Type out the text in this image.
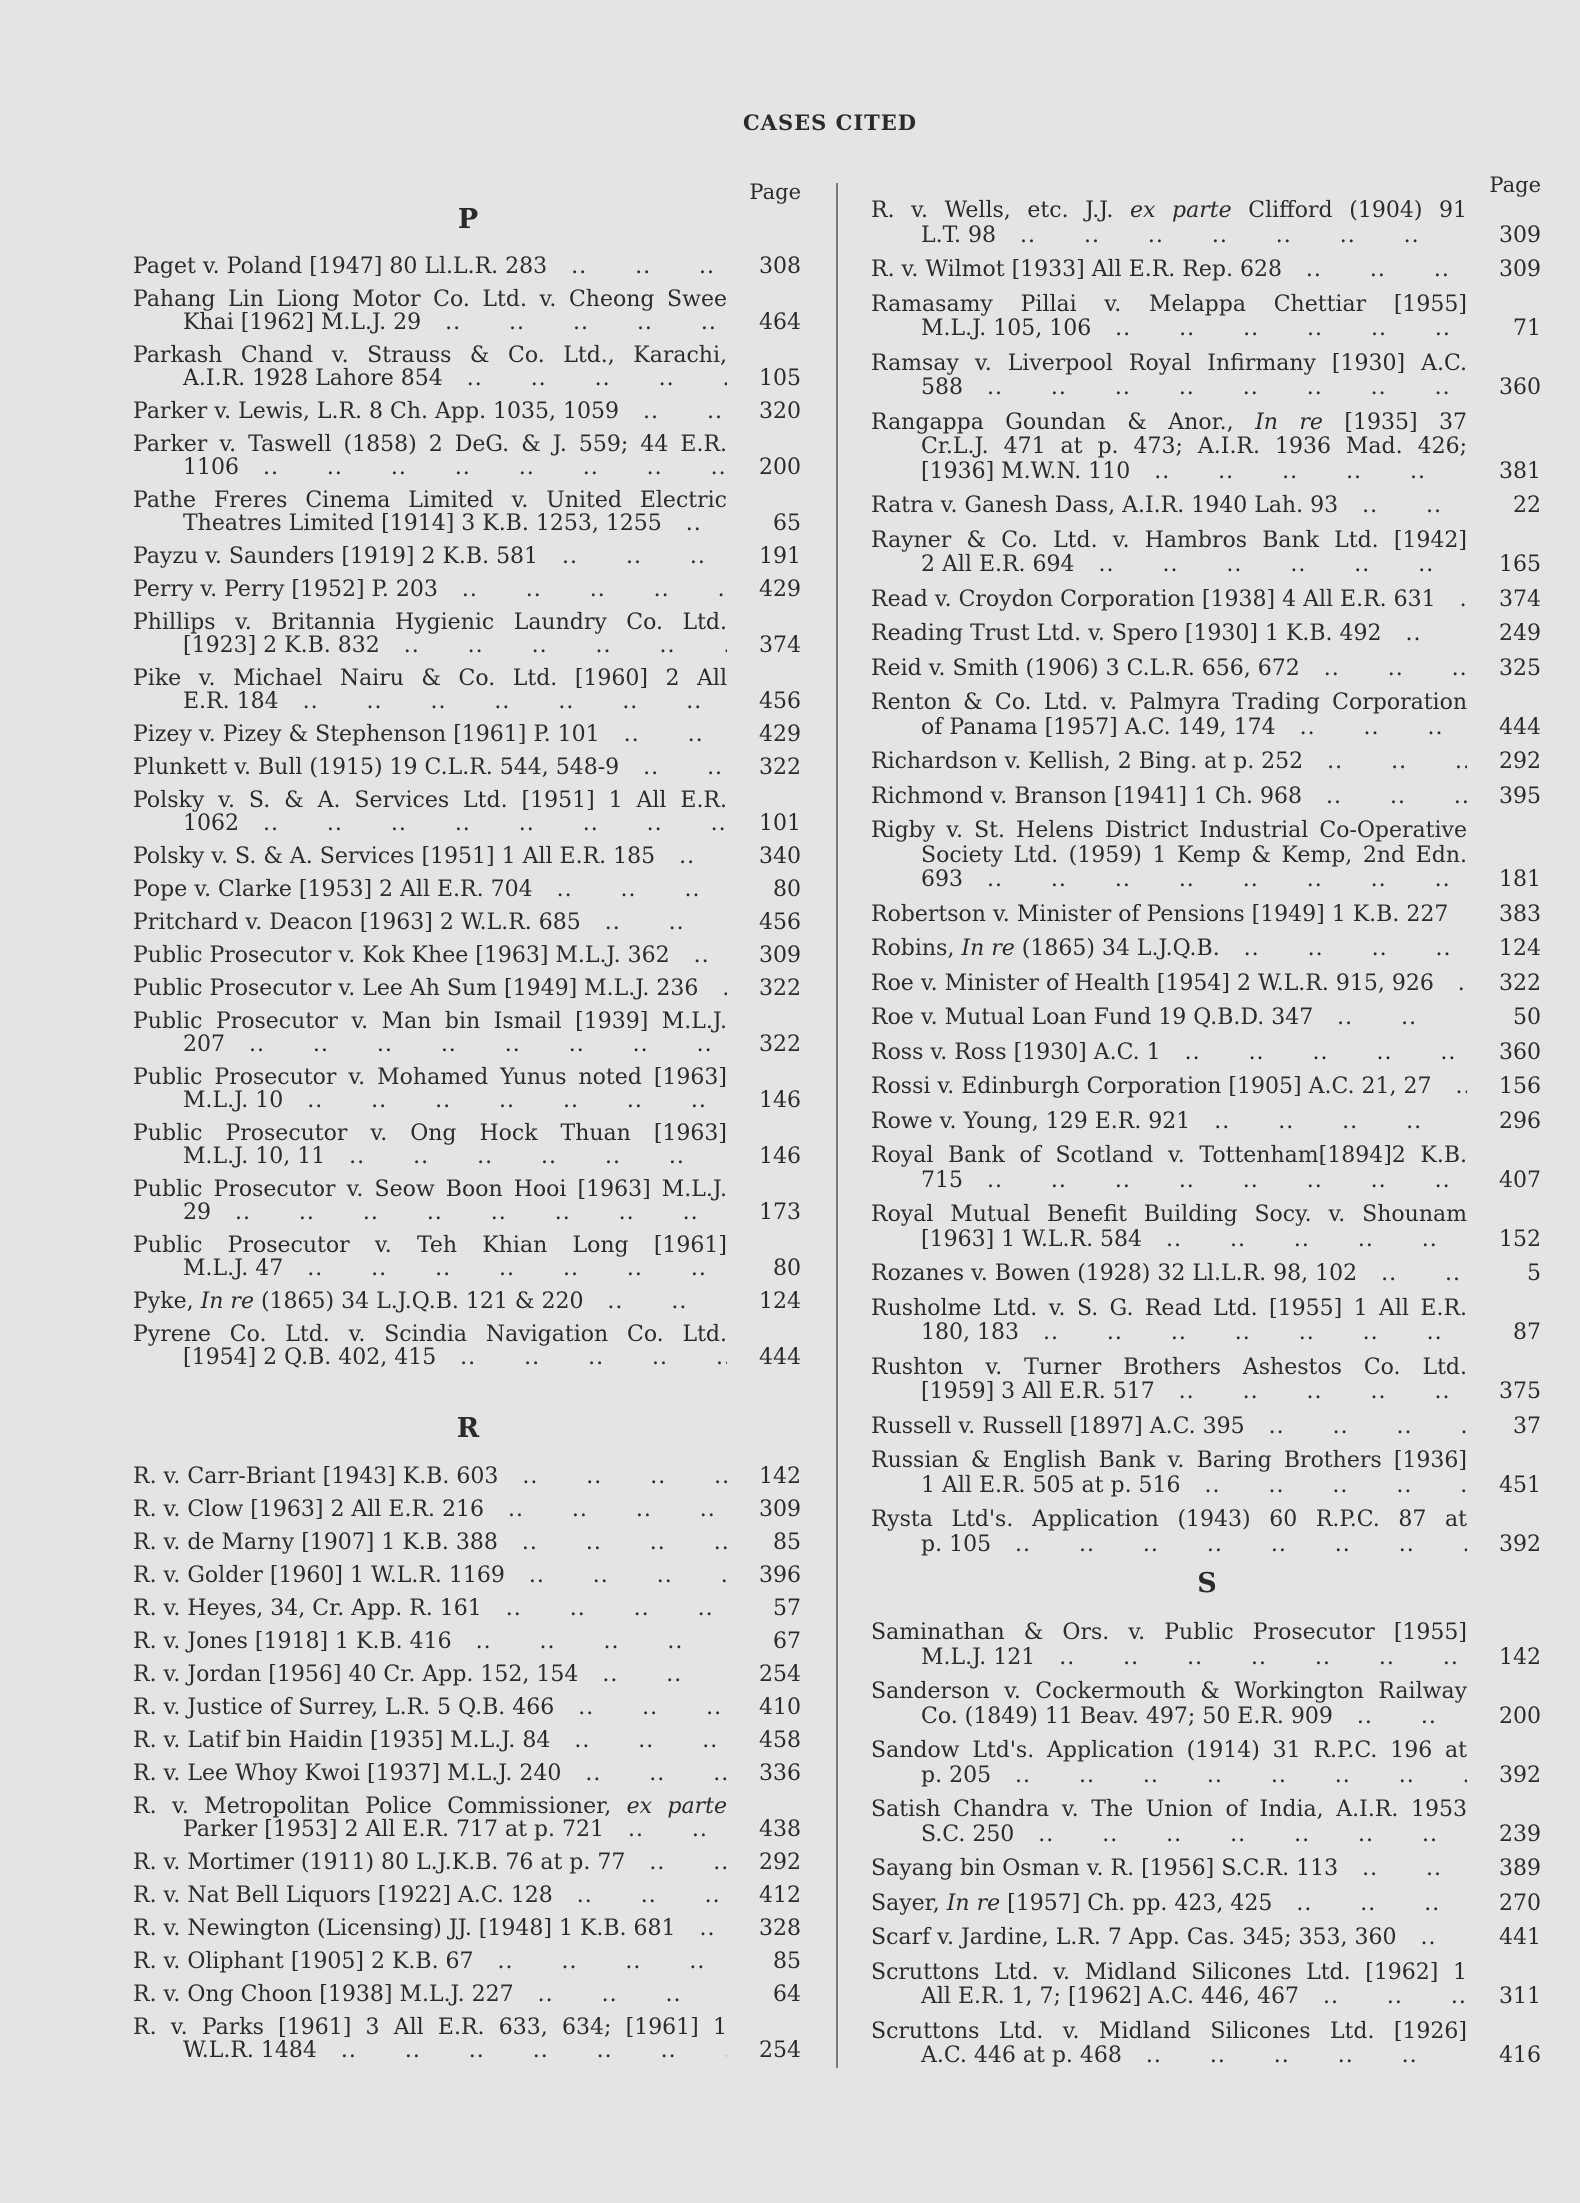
CASES CITED
Page
P
Paget v. Poland [1947] 80 Ll.L.R. 283 ..	308
Pahang Lin Liong Motor Co. Ltd. v. Cheong Swee
Khai [1962] M.L.J. 29 ..	464
Parkash Chand v. Strauss & Co. Ltd., Karachi,
A.I.R. 1928 Lahore 854 ..	105
Parker v. Lewis, L.R. 8 Ch. App. 1035, 1059 ..	320
Parker v. Taswell (1858) 2 DeG. & J. 559; 44 E.R.
1106 ..	200
Pathe Freres Cinema Limited v. United Electric
Theatres Limited [1914] 3 K.B. 1253, 1255 ..	65
Payzu v. Saunders [1919] 2 K.B. 581 ..	191
Perry v. Perry [1952] P. 203 ..	429
Phillips v. Britannia Hygienic Laundry Co. Ltd.
[1923] 2 K.B. 832 ..	374
Pike v. Michael Nairu & Co. Ltd. [1960] 2 All
E.R. 184 ..	456
Pizey v. Pizey & Stephenson [1961] P. 101 ..	429
Plunkett v. Bull (1915) 19 C.L.R. 544, 548-9 ..	322
Polsky v. S. & A. Services Ltd. [1951] 1 All E.R.
1062 ..	101
Polsky v. S. & A. Services [1951] 1 All E.R. 185 ..	340
Pope v. Clarke [1953] 2 All E.R. 704 ..	80
Pritchard v. Deacon [1963] 2 W.L.R. 685 ..	456
Public Prosecutor v. Kok Khee [1963] M.L.J. 362 ..	309
Public Prosecutor v. Lee Ah Sum [1949] M.L.J. 236 ..	322
Public Prosecutor v. Man bin Ismail [1939] M.L.J.
207 ..	322
Public Prosecutor v. Mohamed Yunus noted [1963]
M.L.J. 10 ..	146
Public Prosecutor v. Ong Hock Thuan [1963]
M.L.J. 10, 11 ..	146
Public Prosecutor v. Seow Boon Hooi [1963] M.L.J.
29 ..	173
Public Prosecutor v. Teh Khian Long [1961]
M.L.J. 47 ..	80
Pyke, In re (1865) 34 L.J.Q.B. 121 & 220 ..	124
Pyrene Co. Ltd. v. Scindia Navigation Co. Ltd.
[1954] 2 Q.B. 402, 415 ..	444
R
R. v. Carr-Briant [1943] K.B. 603 ..	142
R. v. Clow [1963] 2 All E.R. 216 ..	309
R. v. de Marny [1907] 1 K.B. 388 ..	85
R. v. Golder [1960] 1 W.L.R. 1169 ..	396
R. v. Heyes, 34, Cr. App. R. 161 ..	57
R. v. Jones [1918] 1 K.B. 416 ..	67
R. v. Jordan [1956] 40 Cr. App. 152, 154 ..	254
R. v. Justice of Surrey, L.R. 5 Q.B. 466 ..	410
R. v. Latif bin Haidin [1935] M.L.J. 84 ..	458
R. v. Lee Whoy Kwoi [1937] M.L.J. 240 ..	336
R. v. Metropolitan Police Commissioner, ex parte
Parker [1953] 2 All E.R. 717 at p. 721 ..	438
R. v. Mortimer (1911) 80 L.J.K.B. 76 at p. 77 ..	292
R. v. Nat Bell Liquors [1922] A.C. 128 ..	412
R. v. Newington (Licensing) JJ. [1948] 1 K.B. 681 ..	328
R. v. Oliphant [1905] 2 K.B. 67 ..	85
R. v. Ong Choon [1938] M.L.J. 227 ..	64
R. v. Parks [1961] 3 All E.R. 633, 634; [1961] 1
W.L.R. 1484 ..	254
Page
R. v. Wells, etc. J.J. ex parte Clifford (1904) 91
L.T. 98 ..	309
R. v. Wilmot [1933] All E.R. Rep. 628 ..	309
Ramasamy Pillai v. Melappa Chettiar [1955]
M.L.J. 105, 106 ..	71
Ramsay v. Liverpool Royal Infirmany [1930] A.C.
588 ..	360
Rangappa Goundan & Anor., In re [1935] 37
Cr.L.J. 471 at p. 473; A.I.R. 1936 Mad. 426;
[1936] M.W.N. 110 ..	381
Ratra v. Ganesh Dass, A.I.R. 1940 Lah. 93 ..	22
Rayner & Co. Ltd. v. Hambros Bank Ltd. [1942]
2 All E.R. 694 ..	165
Read v. Croydon Corporation [1938] 4 All E.R. 631 ..	374
Reading Trust Ltd. v. Spero [1930] 1 K.B. 492 ..	249
Reid v. Smith (1906) 3 C.L.R. 656, 672 ..	325
Renton & Co. Ltd. v. Palmyra Trading Corporation
of Panama [1957] A.C. 149, 174 ..	444
Richardson v. Kellish, 2 Bing. at p. 252 ..	292
Richmond v. Branson [1941] 1 Ch. 968 ..	395
Rigby v. St. Helens District Industrial Co-Operative
Society Ltd. (1959) 1 Kemp & Kemp, 2nd Edn.
693 ..	181
Robertson v. Minister of Pensions [1949] 1 K.B. 227 ..	383
Robins, In re (1865) 34 L.J.Q.B. ..	124
Roe v. Minister of Health [1954] 2 W.L.R. 915, 926 ..	322
Roe v. Mutual Loan Fund 19 Q.B.D. 347 ..	50
Ross v. Ross [1930] A.C. 1 ..	360
Rossi v. Edinburgh Corporation [1905] A.C. 21, 27 ..	156
Rowe v. Young, 129 E.R. 921 ..	296
Royal Bank of Scotland v. Tottenham[1894]2 K.B.
715 ..	407
Royal Mutual Benefit Building Socy. v. Shounam
[1963] 1 W.L.R. 584 ..	152
Rozanes v. Bowen (1928) 32 Ll.L.R. 98, 102 ..	5
Rusholme Ltd. v. S. G. Read Ltd. [1955] 1 All E.R.
180, 183 ..	87
Rushton v. Turner Brothers Ashestos Co. Ltd.
[1959] 3 All E.R. 517 ..	375
Russell v. Russell [1897] A.C. 395 ..	37
Russian & English Bank v. Baring Brothers [1936]
1 All E.R. 505 at p. 516 ..	451
Rysta Ltd's. Application (1943) 60 R.P.C. 87 at
p. 105 ..	392
S
Saminathan & Ors. v. Public Prosecutor [1955]
M.L.J. 121 ..	142
Sanderson v. Cockermouth & Workington Railway
Co. (1849) 11 Beav. 497; 50 E.R. 909 ..	200
Sandow Ltd's. Application (1914) 31 R.P.C. 196 at
p. 205 ..	392
Satish Chandra v. The Union of India, A.I.R. 1953
S.C. 250 ..	239
Sayang bin Osman v. R. [1956] S.C.R. 113 ..	389
Sayer, In re [1957] Ch. pp. 423, 425 ..	270
Scarf v. Jardine, L.R. 7 App. Cas. 345; 353, 360 ..	441
Scruttons Ltd. v. Midland Silicones Ltd. [1962] 1
All E.R. 1, 7; [1962] A.C. 446, 467 ..	311
Scruttons Ltd. v. Midland Silicones Ltd. [1926]
A.C. 446 at p. 468 ..	416
